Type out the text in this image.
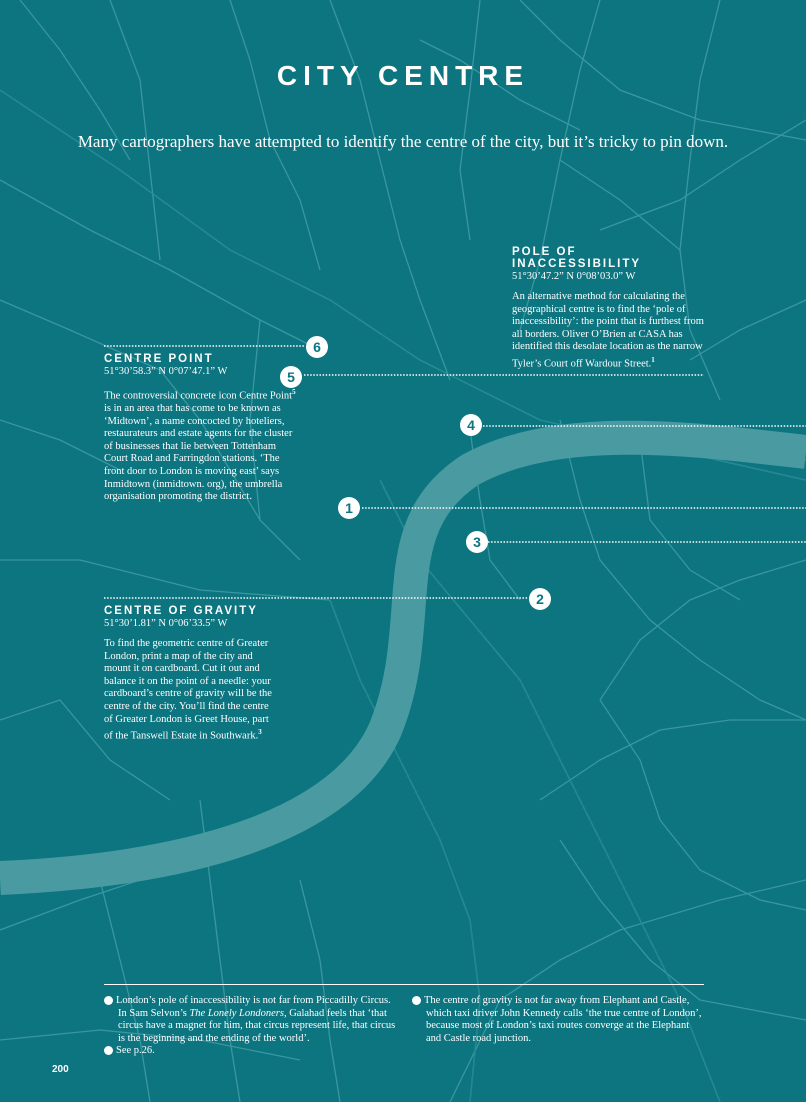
6
5
4
1
3
2
CITY CENTRE
Many cartographers have attempted to identify the centre of the city, but it’s tricky to pin down.
POLE OF INACCESSIBILITY
51°30’47.2” N 0°08’03.0” W
An alternative method for calculating the geographical centre is to find the ‘pole of inaccessibility’: the point that is furthest from all borders. Oliver O’Brien at CASA has identified this desolate location as the narrow Tyler’s Court off Wardour Street.$^1$
CENTRE POINT
51°30’58.3” N 0°07’47.1” W
The controversial concrete icon Centre Point$^5$ is in an area that has come to be known as ‘Midtown’, a name concocted by hoteliers, restaurateurs and estate agents for the cluster of businesses that lie between Tottenham Court Road and Farringdon stations. ‘The front door to London is moving east’ says Inmidtown (inmidtown. org), the umbrella organisation promoting the district.
CENTRE OF GRAVITY
51°30’1.81” N 0°06’33.5” W
To find the geometric centre of Greater London, print a map of the city and mount it on cardboard. Cut it out and balance it on the point of a needle: your cardboard’s centre of gravity will be the centre of the city. You’ll find the centre of Greater London is Greet House, part of the Tanswell Estate in Southwark.$^3$

1 London’s pole of inaccessibility is not far from Piccadilly Circus. In Sam Selvon’s The Lonely Londoners, Galahad feels that ‘that circus have a magnet for him, that circus represent life, that circus is the beginning and the ending of the world’.

2 See p.26.

3 The centre of gravity is not far away from Elephant and Castle, which taxi driver John Kennedy calls ‘the true centre of London’, because most of London’s taxi routes converge at the Elephant and Castle road junction.

200
